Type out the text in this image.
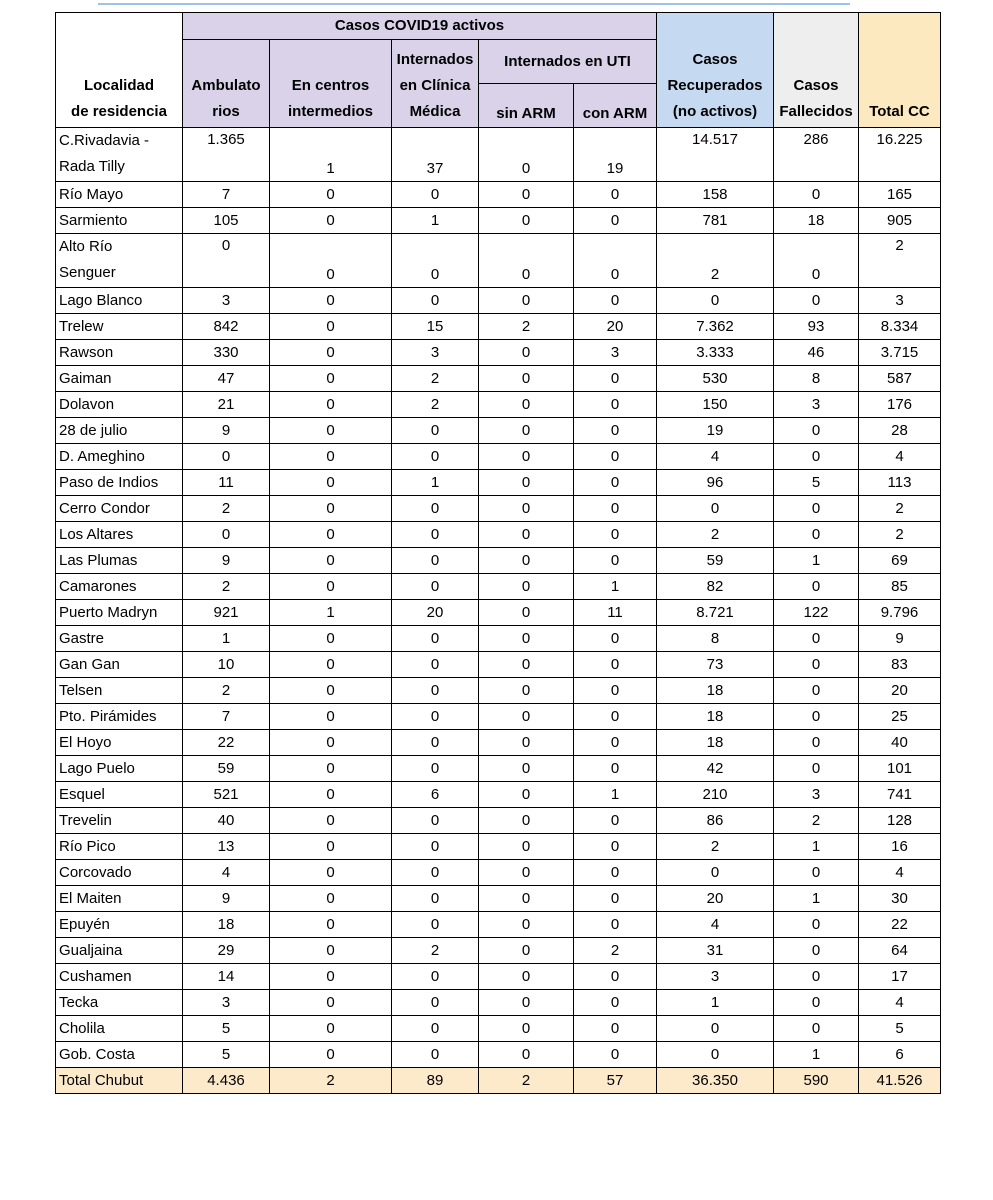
Localidad
de residencia	Casos COVID19 activos					Casos
Recuperados
(no activos)	Casos
Fallecidos	Total CC

	Ambulato
rios	En centros
intermedios	Internados
en Clínica
Médica	Internados en UTI				
				sin ARM	con ARM			

C.Rivadavia -
Rada Tilly	1.365	1	37	0	19	14.517	286	16.225
Río Mayo	7	0	0	0	0	158	0	165
Sarmiento	105	0	1	0	0	781	18	905

Alto Río
Senguer	0	0	0	0	0	2	0	2
Lago Blanco	3	0	0	0	0	0	0	3
Trelew	842	0	15	2	20	7.362	93	8.334
Rawson	330	0	3	0	3	3.333	46	3.715
Gaiman	47	0	2	0	0	530	8	587
Dolavon	21	0	2	0	0	150	3	176
28 de julio	9	0	0	0	0	19	0	28
D. Ameghino	0	0	0	0	0	4	0	4
Paso de Indios	11	0	1	0	0	96	5	113
Cerro Condor	2	0	0	0	0	0	0	2
Los Altares	0	0	0	0	0	2	0	2
Las Plumas	9	0	0	0	0	59	1	69
Camarones	2	0	0	0	1	82	0	85
Puerto Madryn	921	1	20	0	11	8.721	122	9.796
Gastre	1	0	0	0	0	8	0	9
Gan Gan	10	0	0	0	0	73	0	83
Telsen	2	0	0	0	0	18	0	20
Pto. Pirámides	7	0	0	0	0	18	0	25
El Hoyo	22	0	0	0	0	18	0	40
Lago Puelo	59	0	0	0	0	42	0	101
Esquel	521	0	6	0	1	210	3	741
Trevelin	40	0	0	0	0	86	2	128
Río Pico	13	0	0	0	0	2	1	16
Corcovado	4	0	0	0	0	0	0	4
El Maiten	9	0	0	0	0	20	1	30
Epuyén	18	0	0	0	0	4	0	22
Gualjaina	29	0	2	0	2	31	0	64
Cushamen	14	0	0	0	0	3	0	17
Tecka	3	0	0	0	0	1	0	4
Cholila	5	0	0	0	0	0	0	5
Gob. Costa	5	0	0	0	0	0	1	6
Total Chubut	4.436	2	89	2	57	36.350	590	41.526
